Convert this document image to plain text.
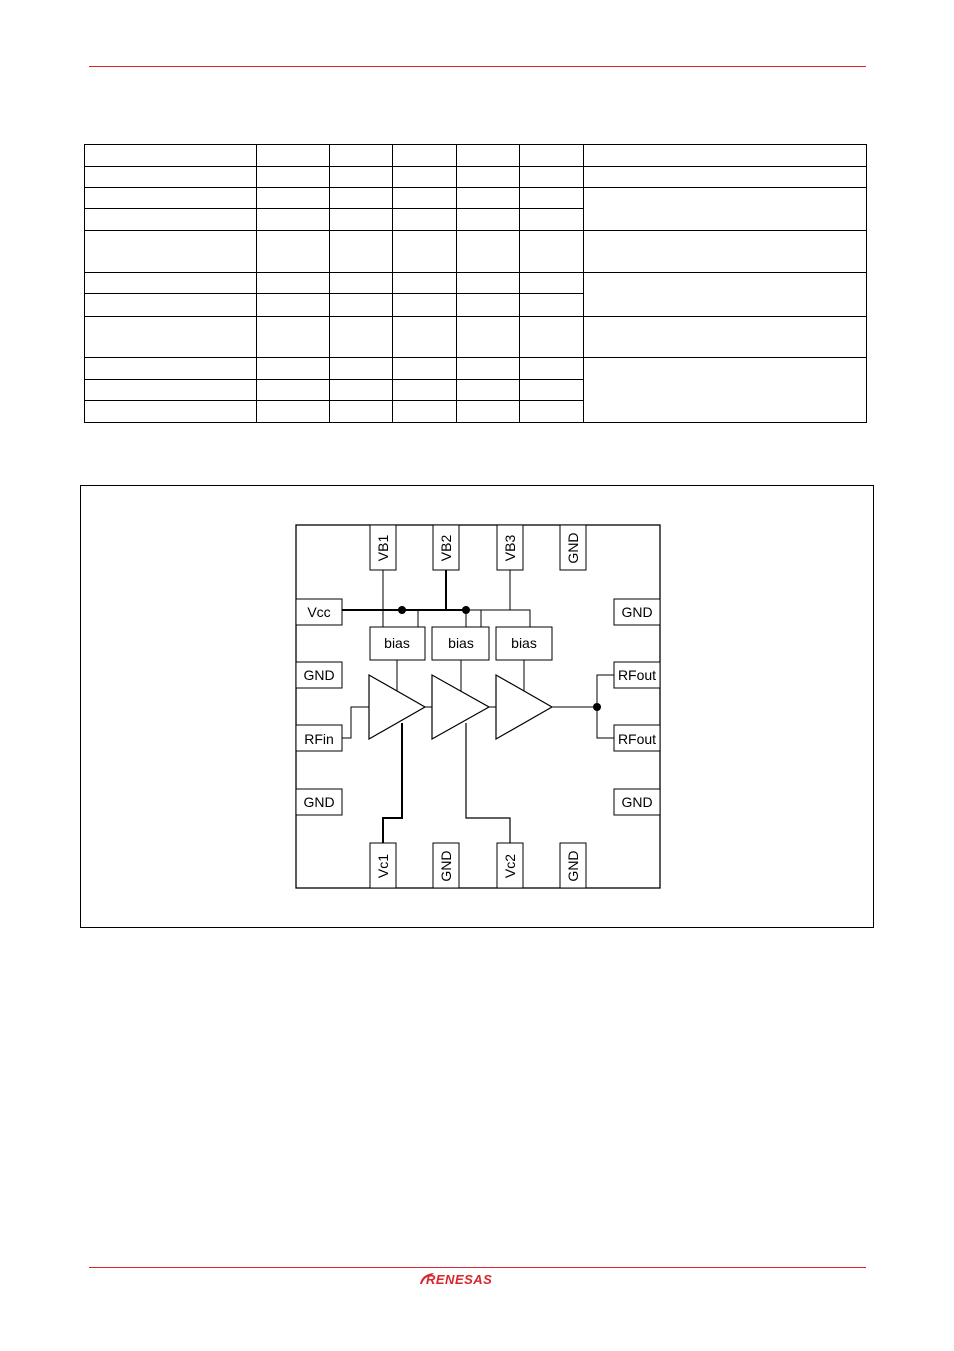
VB1	VB2	VB3	GND
Vc1	GND	Vc2	GND
Vcc
GND
RFin
GND
GND
RFout
RFout
GND
bias	bias	bias
RENESAS
